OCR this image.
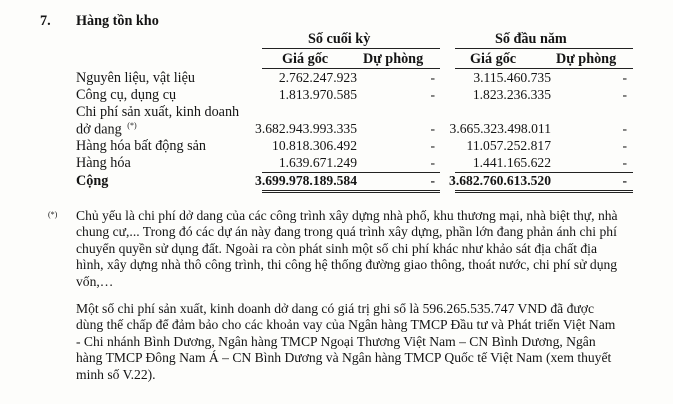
7. Hàng tồn kho
Số cuối kỳ	Số đầu năm
Giá gốc Dự phòng	Giá gốc	Dự phòng
Nguyên liệu, vật liệu	2.762.247.923	-	3.115.460.735	-
Công cụ, dụng cụ	1.813.970.585	-	1.823.236.335	-
Chi phí sản xuất, kinh doanh
dở dang (*)	3.682.943.993.335	- 3.665.323.498.011	-
Hàng hóa bất động sản	10.818.306.492	- 11.057.252.817	-
Hàng hóa	1.639.671.249	-	1.441.165.622	-
Cộng	3.699.978.189.584	- 3.682.760.613.520	-
(*) Chủ yếu là chi phí dở dang của các công trình xây dựng nhà phố, khu thương mại, nhà biệt thự, nhà
chung cư,... Trong đó các dự án này đang trong quá trình xây dựng, phần lớn đang phản ánh chi phí
chuyển quyền sử dụng đất. Ngoài ra còn phát sinh một số chi phí khác như khảo sát địa chất địa
hình, xây dựng nhà thô công trình, thi công hệ thống đường giao thông, thoát nước, chi phí sử dụng
vốn,…
Một số chi phí sản xuất, kinh doanh dở dang có giá trị ghi sổ là 596.265.535.747 VND đã được
dùng thế chấp để đảm bảo cho các khoản vay của Ngân hàng TMCP Đầu tư và Phát triển Việt Nam
- Chi nhánh Bình Dương, Ngân hàng TMCP Ngoại Thương Việt Nam – CN Bình Dương, Ngân
hàng TMCP Đông Nam Á – CN Bình Dương và Ngân hàng TMCP Quốc tế Việt Nam (xem thuyết
minh số V.22).
